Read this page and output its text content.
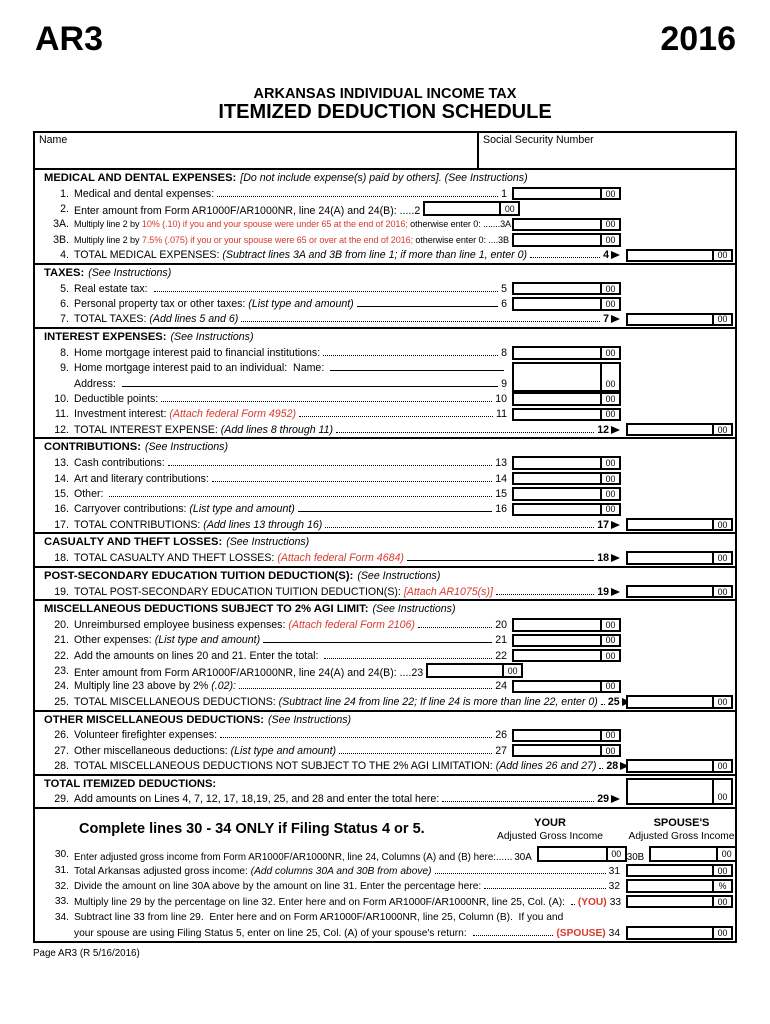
AR3	2016
ARKANSAS INDIVIDUAL INCOME TAX
ITEMIZED DEDUCTION SCHEDULE
Name	Social Security Number
MEDICAL AND DENTAL EXPENSES: [Do not include expense(s) paid by others]. (See Instructions)
1. Medical and dental expenses:	1	00
2. Enter amount from Form AR1000F/AR1000NR, line 24(A) and 24(B): ..... 2	00
3A. Multiply line 2 by 10% (.10) if you and your spouse were under 65 at the end of 2016; otherwise enter 0: ....... 3A	00
3B. Multiply line 2 by 7.5% (.075) if you or your spouse were 65 or over at the end of 2016; otherwise enter 0: .... 3B	00
4. TOTAL MEDICAL EXPENSES: (Subtract lines 3A and 3B from line 1; if more than line 1, enter 0)	4	00
TAXES: (See Instructions)
5. Real estate tax:	5	00
6. Personal property tax or other taxes: (List type and amount)	6	00
7. TOTAL TAXES: (Add lines 5 and 6)	7	00
INTEREST EXPENSES: (See Instructions)
8. Home mortgage interest paid to financial institutions:	8	00
9. Home mortgage interest paid to an individual:  Name:
Address:	9	00
10. Deductible points:	10	00
11. Investment interest: (Attach federal Form 4952)	11	00
12. TOTAL INTEREST EXPENSE: (Add lines 8 through 11)	12	00
CONTRIBUTIONS: (See Instructions)
13. Cash contributions:	13	00
14. Art and literary contributions:	14	00
15. Other:	15	00
16. Carryover contributions: (List type and amount)	16	00
17. TOTAL CONTRIBUTIONS: (Add lines 13 through 16)	17	00
CASUALTY AND THEFT LOSSES: (See Instructions)
18. TOTAL CASUALTY AND THEFT LOSSES: (Attach federal Form 4684)	18	00
POST-SECONDARY EDUCATION TUITION DEDUCTION(S): (See Instructions)
19. TOTAL POST-SECONDARY EDUCATION TUITION DEDUCTION(S): [Attach AR1075(s)]	19	00
MISCELLANEOUS DEDUCTIONS SUBJECT TO 2% AGI LIMIT: (See Instructions)
20. Unreimbursed employee business expenses: (Attach federal Form 2106)	20	00
21. Other expenses: (List type and amount)	21	00
22. Add the amounts on lines 20 and 21. Enter the total:	22	00
23. Enter amount from Form AR1000F/AR1000NR, line 24(A) and 24(B): .... 23	00
24. Multiply line 23 above by 2% (.02):	24	00
25. TOTAL MISCELLANEOUS DEDUCTIONS: (Subtract line 24 from line 22; If line 24 is more than line 22, enter 0) 25	00
OTHER MISCELLANEOUS DEDUCTIONS: (See Instructions)
26. Volunteer firefighter expenses:	26	00
27. Other miscellaneous deductions: (List type and amount)	27	00
28. TOTAL MISCELLANEOUS DEDUCTIONS NOT SUBJECT TO THE 2% AGI LIMITATION: (Add lines 26 and 27) 28	00
TOTAL ITEMIZED DEDUCTIONS:
29. Add amounts on Lines 4, 7, 12, 17, 18,19, 25, and 28 and enter the total here:	29	00
Complete lines 30 - 34 ONLY if Filing Status 4 or 5.	YOUR
Adjusted Gross Income
SPOUSE'S
Adjusted Gross Income
30. Enter adjusted gross income from Form AR1000F/AR1000NR, line 24, Columns (A) and (B) here:...... 30A	00 30B	00
31. Total Arkansas adjusted gross income: (Add columns 30A and 30B from above)	31	00
32. Divide the amount on line 30A above by the amount on line 31. Enter the percentage here:	32	%
33. Multiply line 29 by the percentage on line 32. Enter here and on Form AR1000F/AR1000NR, line 25, Col. (A): (YOU) 33	00
34. Subtract line 33 from line 29.  Enter here and on Form AR1000F/AR1000NR, line 25, Column (B).  If you and
your spouse are using Filing Status 5, enter on line 25, Col. (A) of your spouse's return:	(SPOUSE) 34	00
Page AR3 (R 5/16/2016)
